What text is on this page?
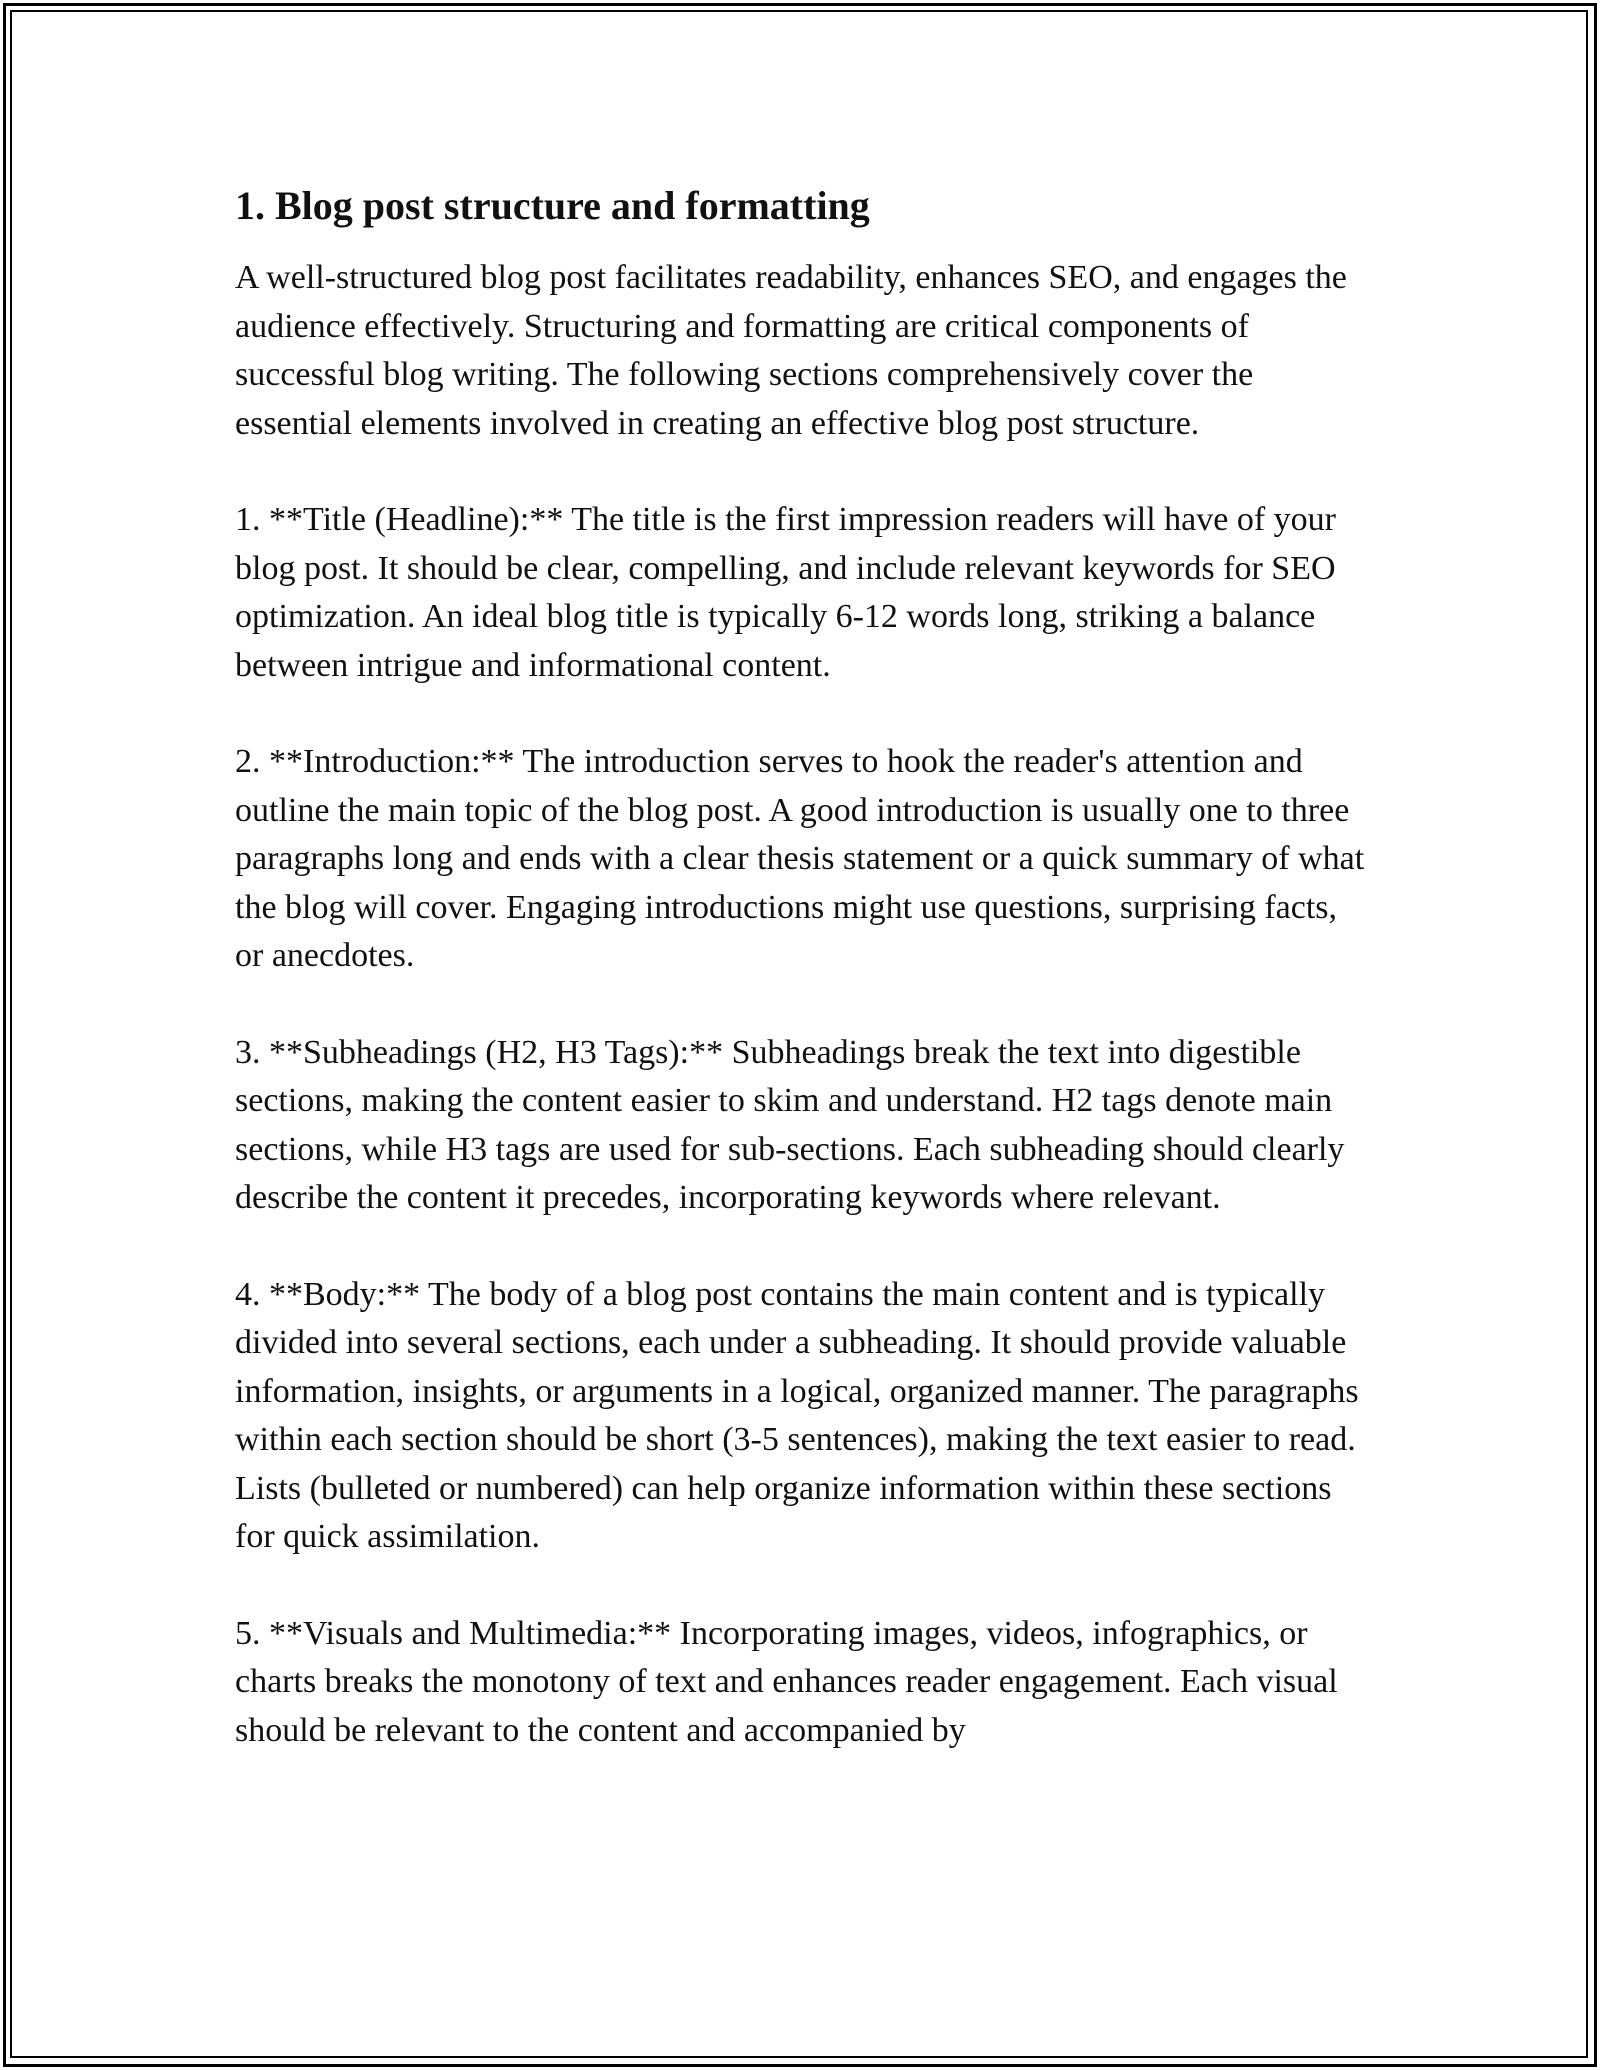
1. Blog post structure and formatting

A well-structured blog post facilitates readability, enhances SEO, and engages the audience effectively. Structuring and formatting are critical components of successful blog writing. The following sections comprehensively cover the essential elements involved in creating an effective blog post structure.

1. **Title (Headline):** The title is the first impression readers will have of your blog post. It should be clear, compelling, and include relevant keywords for SEO optimization. An ideal blog title is typically 6-12 words long, striking a balance between intrigue and informational content.

2. **Introduction:** The introduction serves to hook the reader's attention and outline the main topic of the blog post. A good introduction is usually one to three paragraphs long and ends with a clear thesis statement or a quick summary of what the blog will cover. Engaging introductions might use questions, surprising facts, or anecdotes.

3. **Subheadings (H2, H3 Tags):** Subheadings break the text into digestible sections, making the content easier to skim and understand. H2 tags denote main sections, while H3 tags are used for sub-sections. Each subheading should clearly describe the content it precedes, incorporating keywords where relevant.

4. **Body:** The body of a blog post contains the main content and is typically divided into several sections, each under a subheading. It should provide valuable information, insights, or arguments in a logical, organized manner. The paragraphs within each section should be short (3-5 sentences), making the text easier to read. Lists (bulleted or numbered) can help organize information within these sections for quick assimilation.

5. **Visuals and Multimedia:** Incorporating images, videos, infographics, or charts breaks the monotony of text and enhances reader engagement. Each visual should be relevant to the content and accompanied by
